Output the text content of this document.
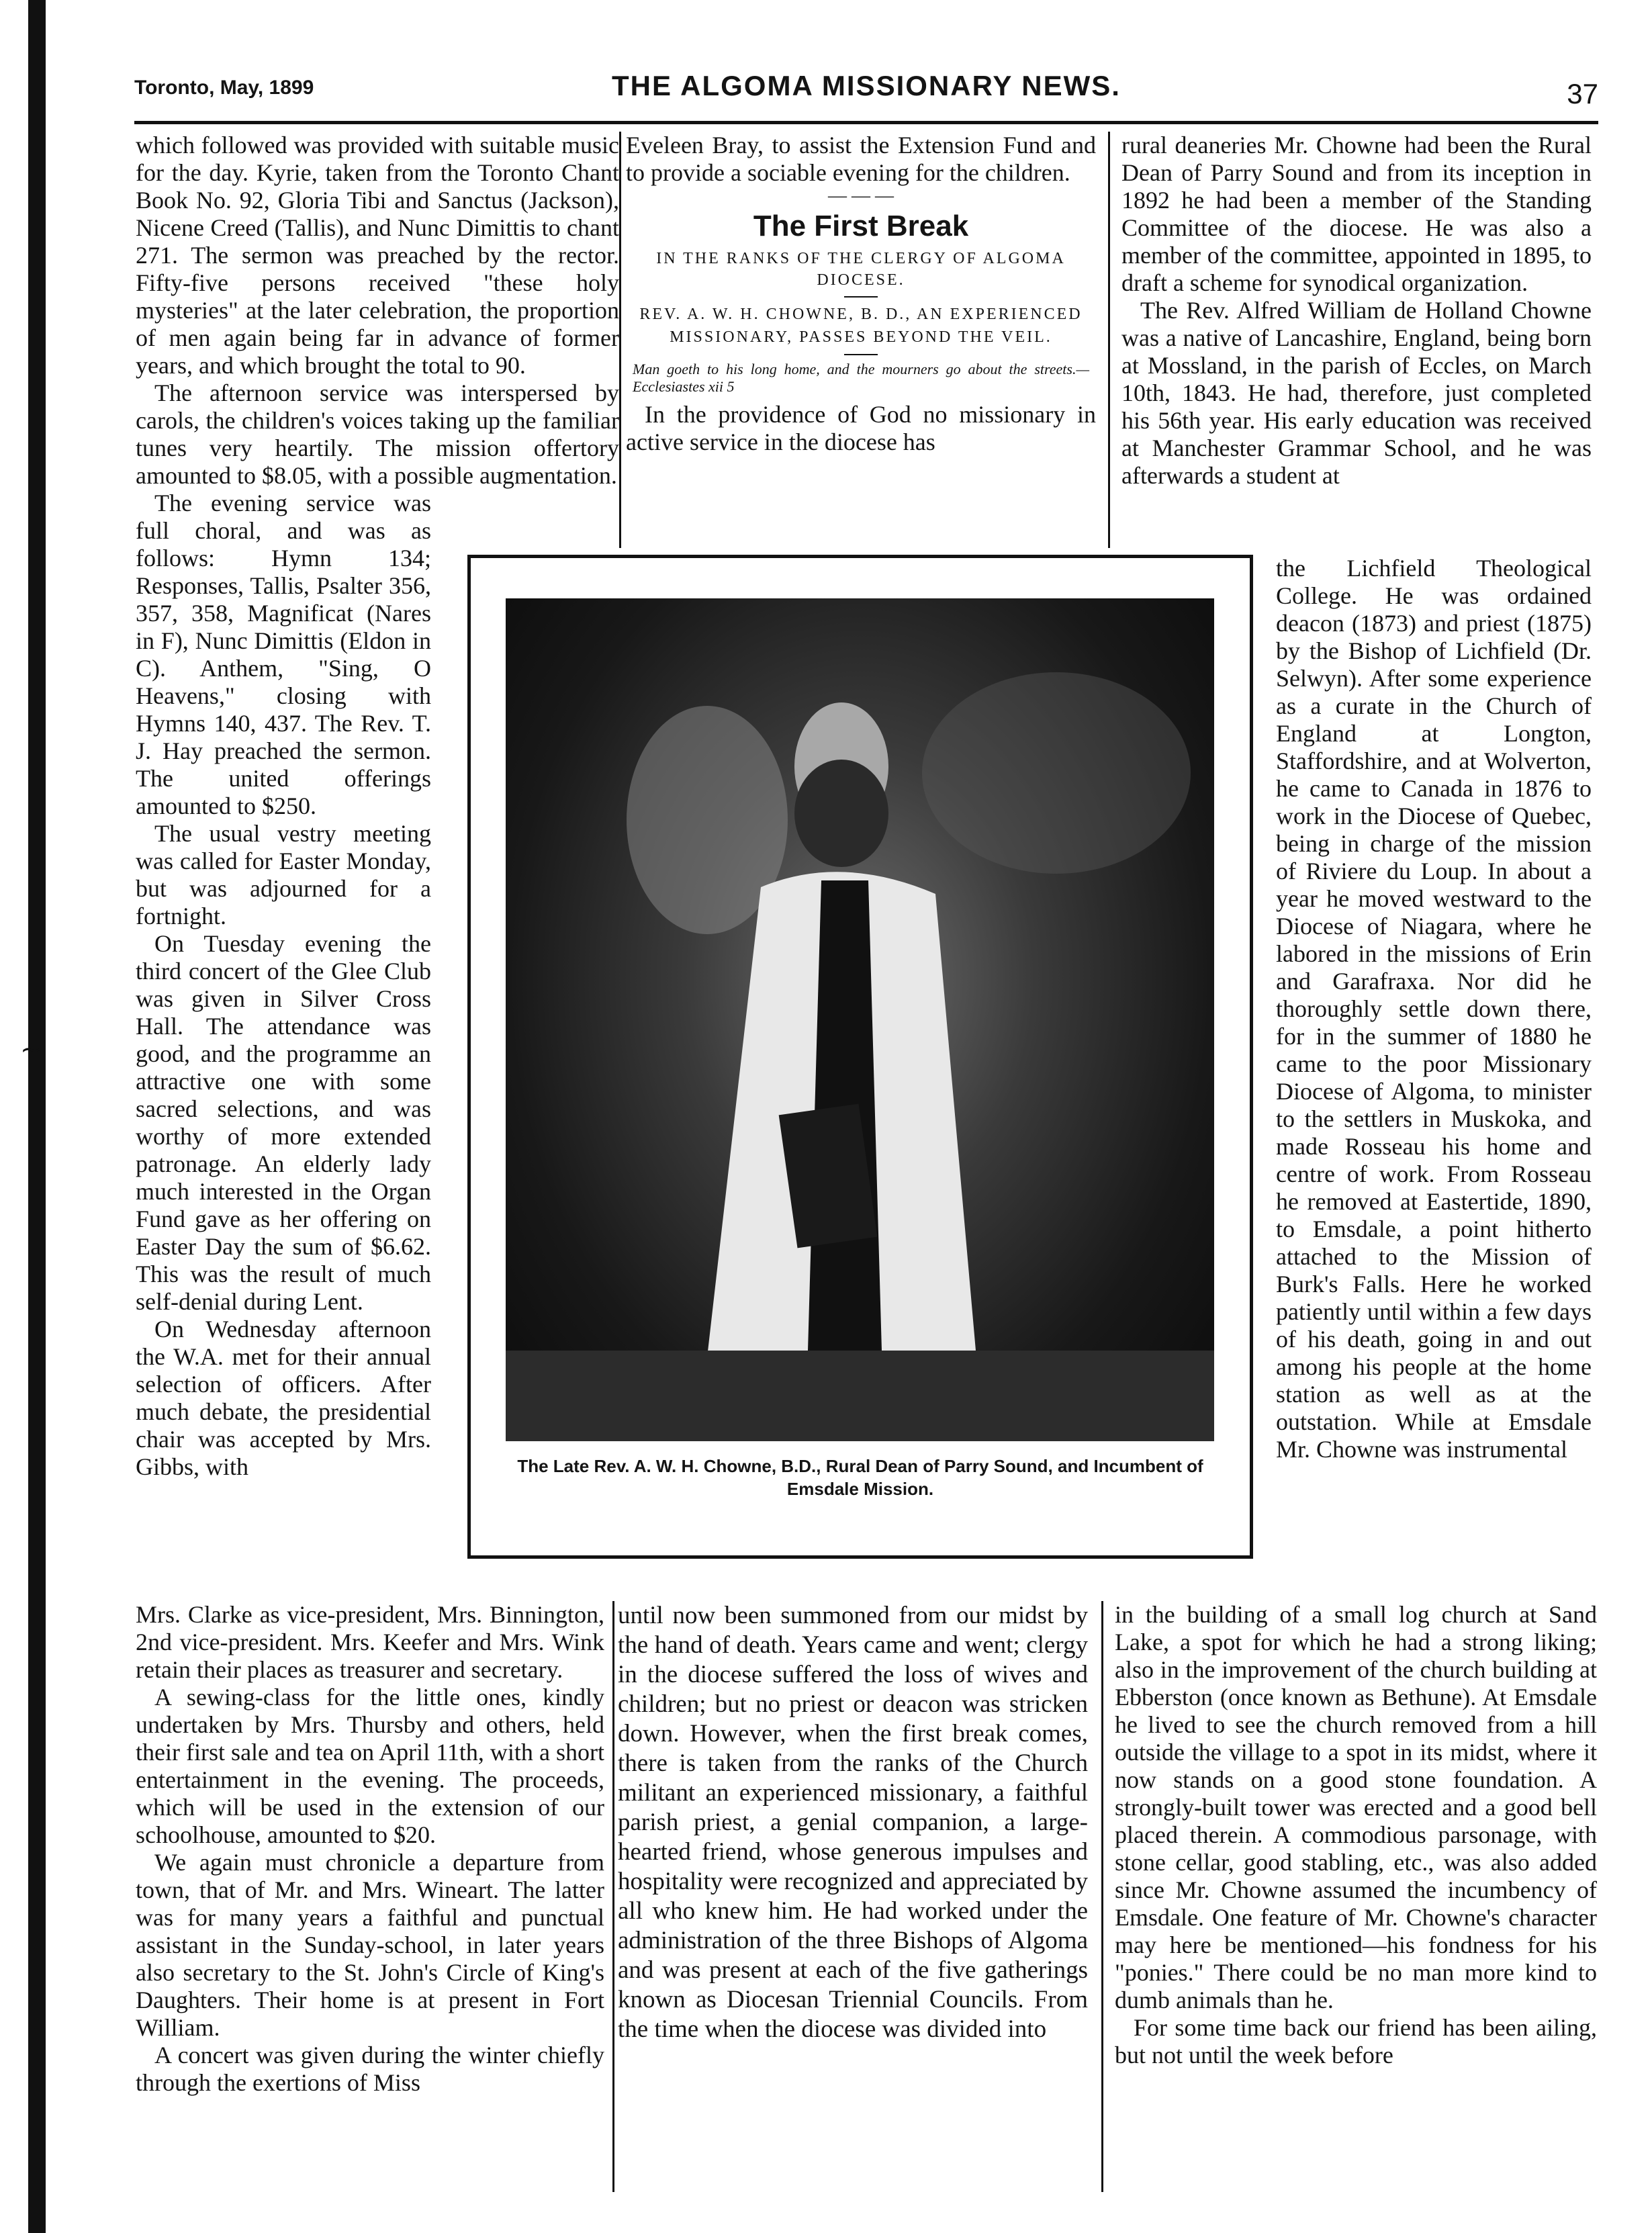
~
Toronto, May, 1899	THE ALGOMA MISSIONARY NEWS.	37

which followed was provided with suitable music for the day. Kyrie, taken from the Toronto Chant Book No. 92, Gloria Tibi and Sanctus (Jackson), Nicene Creed (Tallis), and Nunc Dimittis to chant 271. The sermon was preached by the rector. Fifty-five persons received "these holy mysteries" at the later celebration, the proportion of men again being far in advance of former years, and which brought the total to 90.

The afternoon service was interspersed by carols, the children's voices taking up the familiar tunes very heartily. The mission offertory amounted to $8.05, with a possible augmentation.

The evening service was full choral, and was as follows: Hymn 134; Responses, Tallis, Psalter 356, 357, 358, Magnificat (Nares in F), Nunc Dimittis (Eldon in C). Anthem, "Sing, O Heavens," closing with Hymns 140, 437. The Rev. T. J. Hay preached the sermon. The united offerings amounted to $250.

The usual vestry meeting was called for Easter Monday, but was adjourned for a fortnight.

On Tuesday evening the third concert of the Glee Club was given in Silver Cross Hall. The attendance was good, and the programme an attractive one with some sacred selections, and was worthy of more extended patronage. An elderly lady much interested in the Organ Fund gave as her offering on Easter Day the sum of $6.62. This was the result of much self-denial during Lent.

On Wednesday afternoon the W.A. met for their annual selection of officers. After much debate, the presidential chair was accepted by Mrs. Gibbs, with

Mrs. Clarke as vice-president, Mrs. Binnington, 2nd vice-president. Mrs. Keefer and Mrs. Wink retain their places as treasurer and secretary.

A sewing-class for the little ones, kindly undertaken by Mrs. Thursby and others, held their first sale and tea on April 11th, with a short entertainment in the evening. The proceeds, which will be used in the extension of our schoolhouse, amounted to $20.

We again must chronicle a departure from town, that of Mr. and Mrs. Wineart. The latter was for many years a faithful and punctual assistant in the Sunday-school, in later years also secretary to the St. John's Circle of King's Daughters. Their home is at present in Fort William.

A concert was given during the winter chiefly through the exertions of Miss

Eveleen Bray, to assist the Extension Fund and to provide a sociable evening for the children.

— — —
The First Break
IN THE RANKS OF THE CLERGY OF ALGOMA DIOCESE.
REV. A. W. H. CHOWNE, B. D., AN EXPERIENCED MISSIONARY, PASSES BEYOND THE VEIL.
Man goeth to his long home, and the mourners go about the streets.—Ecclesiastes xii 5

In the providence of God no missionary in active service in the diocese has

until now been summoned from our midst by the hand of death. Years came and went; clergy in the diocese suffered the loss of wives and children; but no priest or deacon was stricken down. However, when the first break comes, there is taken from the ranks of the Church militant an experienced missionary, a faithful parish priest, a genial companion, a large-hearted friend, whose generous impulses and hospitality were recognized and appreciated by all who knew him. He had worked under the administration of the three Bishops of Algoma and was present at each of the five gatherings known as Diocesan Triennial Councils. From the time when the diocese was divided into

rural deaneries Mr. Chowne had been the Rural Dean of Parry Sound and from its inception in 1892 he had been a member of the Standing Committee of the diocese. He was also a member of the committee, appointed in 1895, to draft a scheme for synodical organization.

The Rev. Alfred William de Holland Chowne was a native of Lancashire, England, being born at Mossland, in the parish of Eccles, on March 10th, 1843. He had, therefore, just completed his 56th year. His early education was received at Manchester Grammar School, and he was afterwards a student at

the Lichfield Theological College. He was ordained deacon (1873) and priest (1875) by the Bishop of Lichfield (Dr. Selwyn). After some experience as a curate in the Church of England at Longton, Staffordshire, and at Wolverton, he came to Canada in 1876 to work in the Diocese of Quebec, being in charge of the mission of Riviere du Loup. In about a year he moved westward to the Diocese of Niagara, where he labored in the missions of Erin and Garafraxa. Nor did he thoroughly settle down there, for in the summer of 1880 he came to the poor Missionary Diocese of Algoma, to minister to the settlers in Muskoka, and made Rosseau his home and centre of work. From Rosseau he removed at Eastertide, 1890, to Emsdale, a point hitherto attached to the Mission of Burk's Falls. Here he worked patiently until within a few days of his death, going in and out among his people at the home station as well as at the outstation. While at Emsdale Mr. Chowne was instrumental

in the building of a small log church at Sand Lake, a spot for which he had a strong liking; also in the improvement of the church building at Ebberston (once known as Bethune). At Emsdale he lived to see the church removed from a hill outside the village to a spot in its midst, where it now stands on a good stone foundation. A strongly-built tower was erected and a good bell placed therein. A commodious parsonage, with stone cellar, good stabling, etc., was also added since Mr. Chowne assumed the incumbency of Emsdale. One feature of Mr. Chowne's character may here be mentioned—his fondness for his "ponies." There could be no man more kind to dumb animals than he.

For some time back our friend has been ailing, but not until the week before

The Late Rev. A. W. H. Chowne, B.D., Rural Dean of Parry Sound, and Incumbent of Emsdale Mission.
